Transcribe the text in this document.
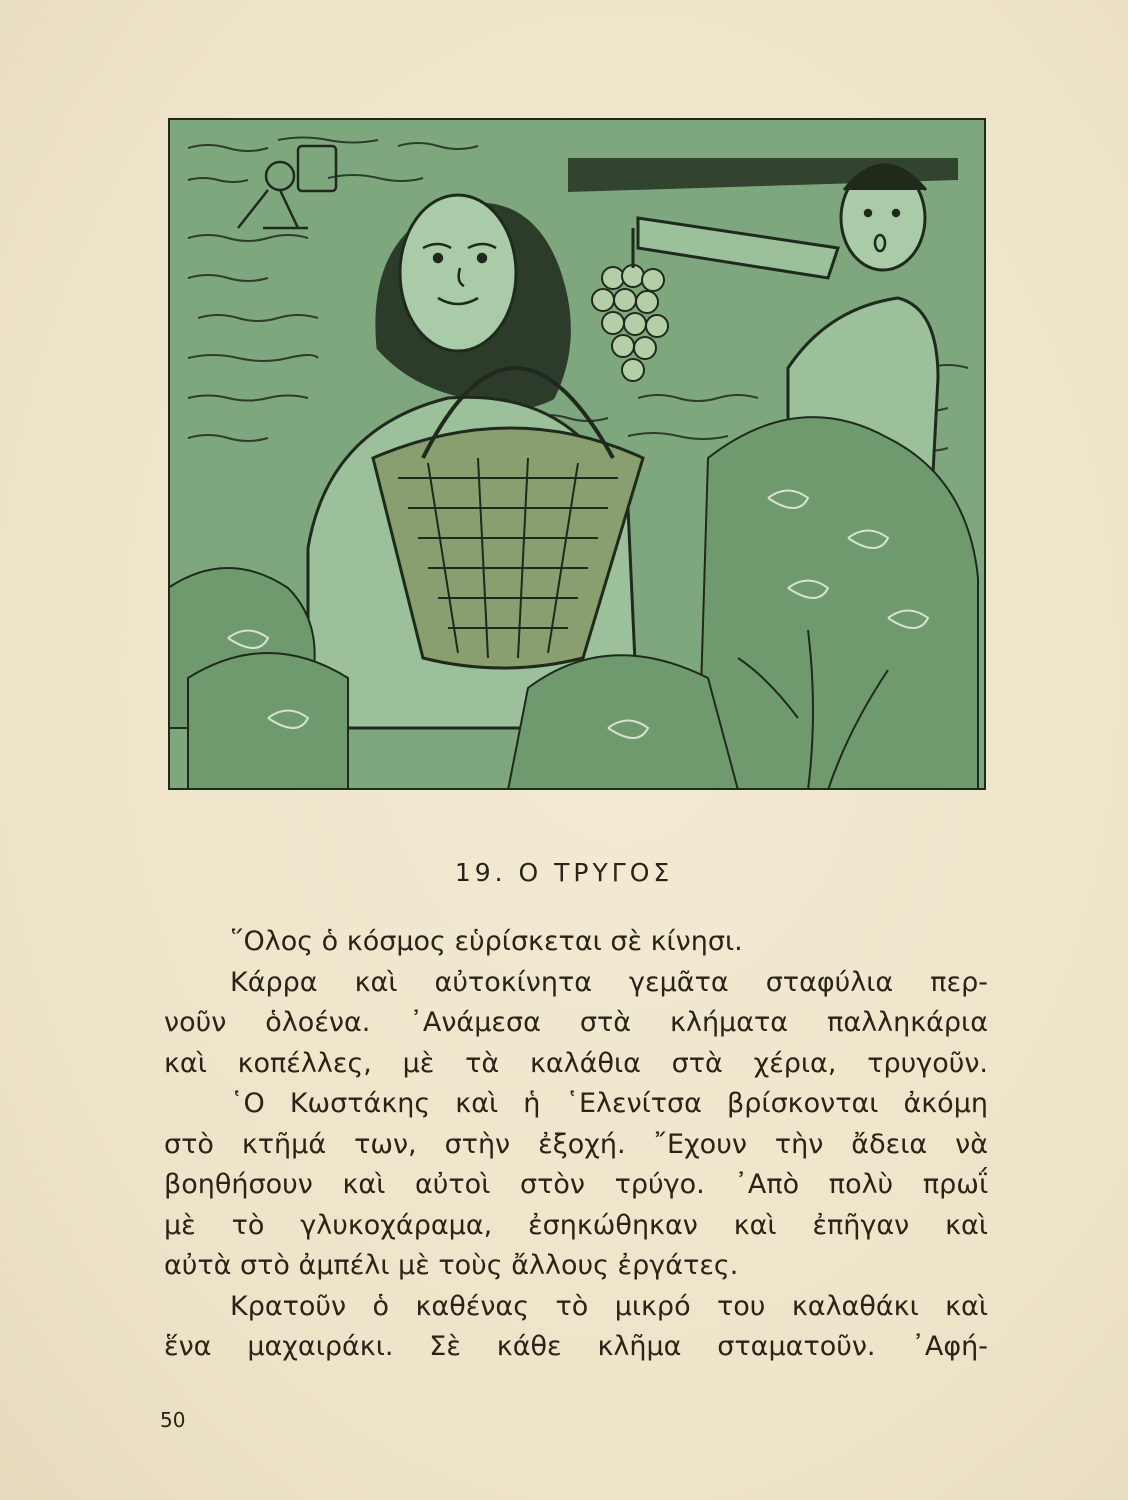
19. Ο ΤΡΥΓΟΣ
῞Ολος ὁ κόσμος εὑρίσκεται σὲ κίνησι.
Κάρρα καὶ αὐτοκίνητα γεμᾶτα σταφύλια περ-
νοῦν ὁλοένα. ᾿Ανάμεσα στὰ κλήματα παλληκάρια
καὶ κοπέλλες, μὲ τὰ καλάθια στὰ χέρια, τρυγοῦν.
῾Ο Κωστάκης καὶ ἡ ῾Ελενίτσα βρίσκονται ἀκόμη
στὸ κτῆμά των, στὴν ἐξοχή. ῎Εχουν τὴν ἄδεια νὰ
βοηθήσουν καὶ αὐτοὶ στὸν τρύγο. ᾿Απὸ πολὺ πρωΐ
μὲ τὸ γλυκοχάραμα, ἐσηκώθηκαν καὶ ἐπῆγαν καὶ
αὐτὰ στὸ ἀμπέλι μὲ τοὺς ἄλλους ἐργάτες.
Κρατοῦν ὁ καθένας τὸ μικρό του καλαθάκι καὶ
ἕνα μαχαιράκι. Σὲ κάθε κλῆμα σταματοῦν. ᾿Αφή-
50
